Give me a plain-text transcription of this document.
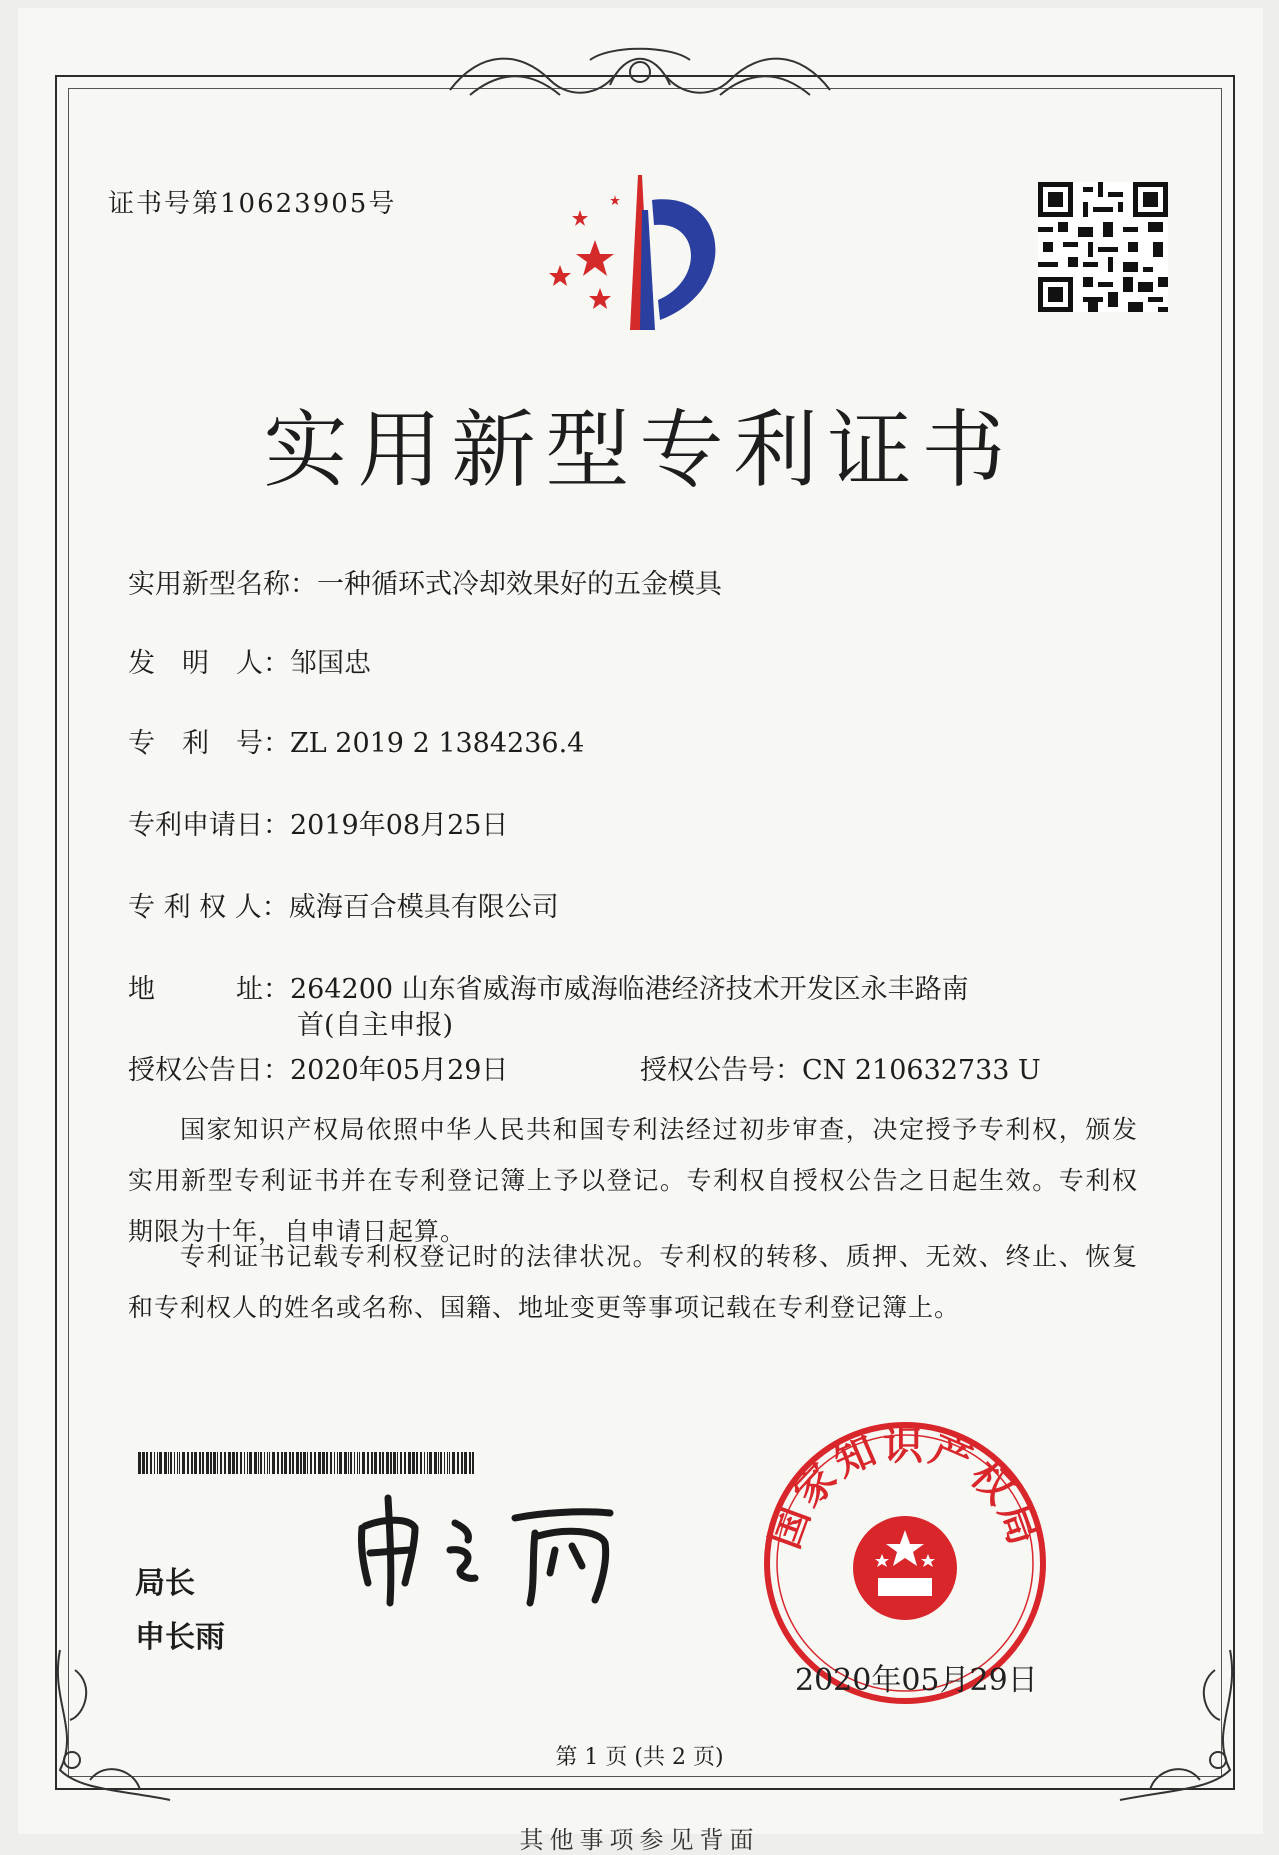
证书号第10623905号
实用新型专利证书
实用新型名称：一种循环式冷却效果好的五金模具
发　明　人：邹国忠
专　利　号：ZL 2019 2 1384236.4
专利申请日：2019年08月25日
专 利 权 人：威海百合模具有限公司
地　　　址：264200 山东省威海市威海临港经济技术开发区永丰路南
首(自主申报)
授权公告日：2020年05月29日	授权公告号：CN 210632733 U
国家知识产权局依照中华人民共和国专利法经过初步审查，决定授予专利权，颁发实用新型专利证书并在专利登记簿上予以登记。专利权自授权公告之日起生效。专利权期限为十年，自申请日起算。
专利证书记载专利权登记时的法律状况。专利权的转移、质押、无效、终止、恢复和专利权人的姓名或名称、国籍、地址变更等事项记载在专利登记簿上。
局长
申长雨
国家知识产权局
2020年05月29日
第 1 页 (共 2 页)
其他事项参见背面
